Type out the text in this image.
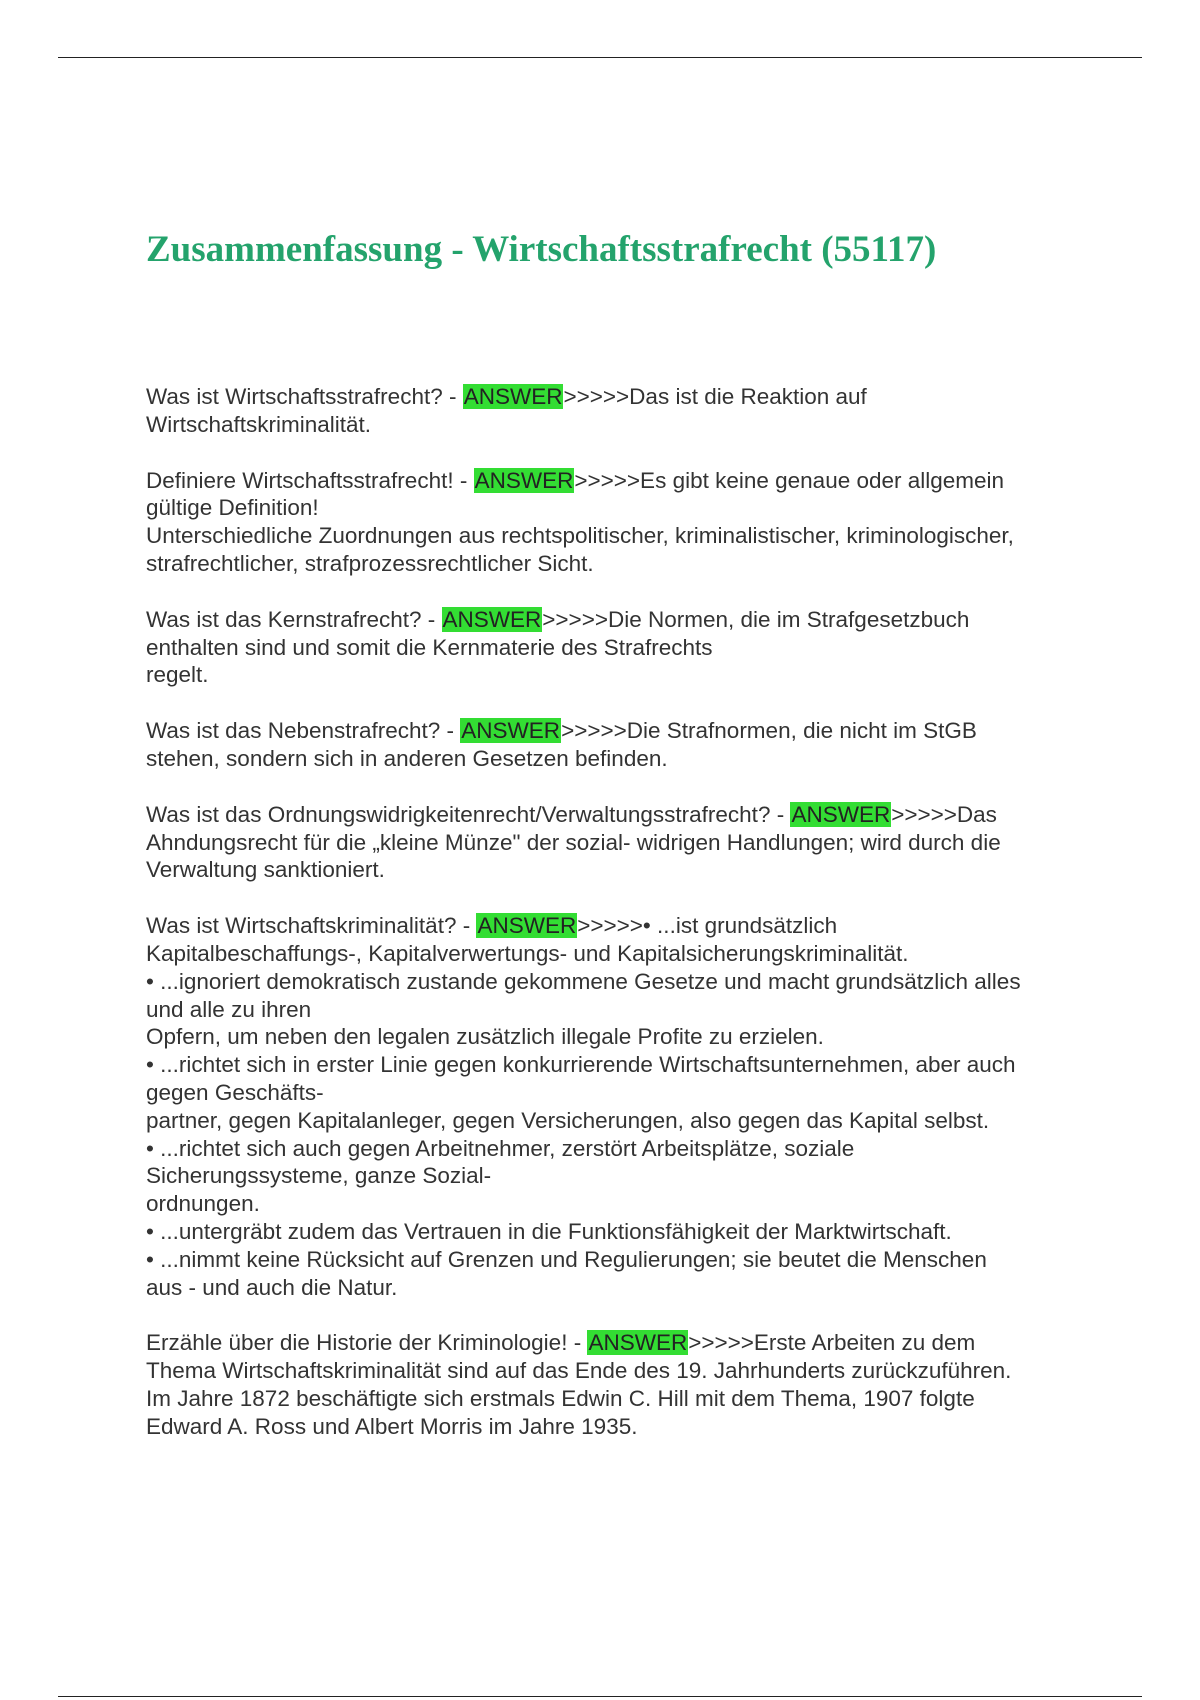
Zusammenfassung - Wirtschaftsstrafrecht (55117)
Was ist Wirtschaftsstrafrecht? - ANSWER>>>>>Das ist die Reaktion auf
Wirtschaftskriminalität.
Definiere Wirtschaftsstrafrecht! - ANSWER>>>>>Es gibt keine genaue oder allgemein
gültige Definition!
Unterschiedliche Zuordnungen aus rechtspolitischer, kriminalistischer, kriminologischer,
strafrechtlicher, strafprozessrechtlicher Sicht.
Was ist das Kernstrafrecht? - ANSWER>>>>>Die Normen, die im Strafgesetzbuch
enthalten sind und somit die Kernmaterie des Strafrechts
regelt.
Was ist das Nebenstrafrecht? - ANSWER>>>>>Die Strafnormen, die nicht im StGB
stehen, sondern sich in anderen Gesetzen befinden.
Was ist das Ordnungswidrigkeitenrecht/Verwaltungsstrafrecht? - ANSWER>>>>>Das
Ahndungsrecht für die „kleine Münze" der sozial- widrigen Handlungen; wird durch die
Verwaltung sanktioniert.
Was ist Wirtschaftskriminalität? - ANSWER>>>>>• ...ist grundsätzlich
Kapitalbeschaffungs-, Kapitalverwertungs- und Kapitalsicherungskriminalität.
• ...ignoriert demokratisch zustande gekommene Gesetze und macht grundsätzlich alles
und alle zu ihren
Opfern, um neben den legalen zusätzlich illegale Profite zu erzielen.
• ...richtet sich in erster Linie gegen konkurrierende Wirtschaftsunternehmen, aber auch
gegen Geschäfts-
partner, gegen Kapitalanleger, gegen Versicherungen, also gegen das Kapital selbst.
• ...richtet sich auch gegen Arbeitnehmer, zerstört Arbeitsplätze, soziale
Sicherungssysteme, ganze Sozial-
ordnungen.
• ...untergräbt zudem das Vertrauen in die Funktionsfähigkeit der Marktwirtschaft.
• ...nimmt keine Rücksicht auf Grenzen und Regulierungen; sie beutet die Menschen
aus - und auch die Natur.
Erzähle über die Historie der Kriminologie! - ANSWER>>>>>Erste Arbeiten zu dem
Thema Wirtschaftskriminalität sind auf das Ende des 19. Jahrhunderts zurückzuführen.
Im Jahre 1872 beschäftigte sich erstmals Edwin C. Hill mit dem Thema, 1907 folgte
Edward A. Ross und Albert Morris im Jahre 1935.
